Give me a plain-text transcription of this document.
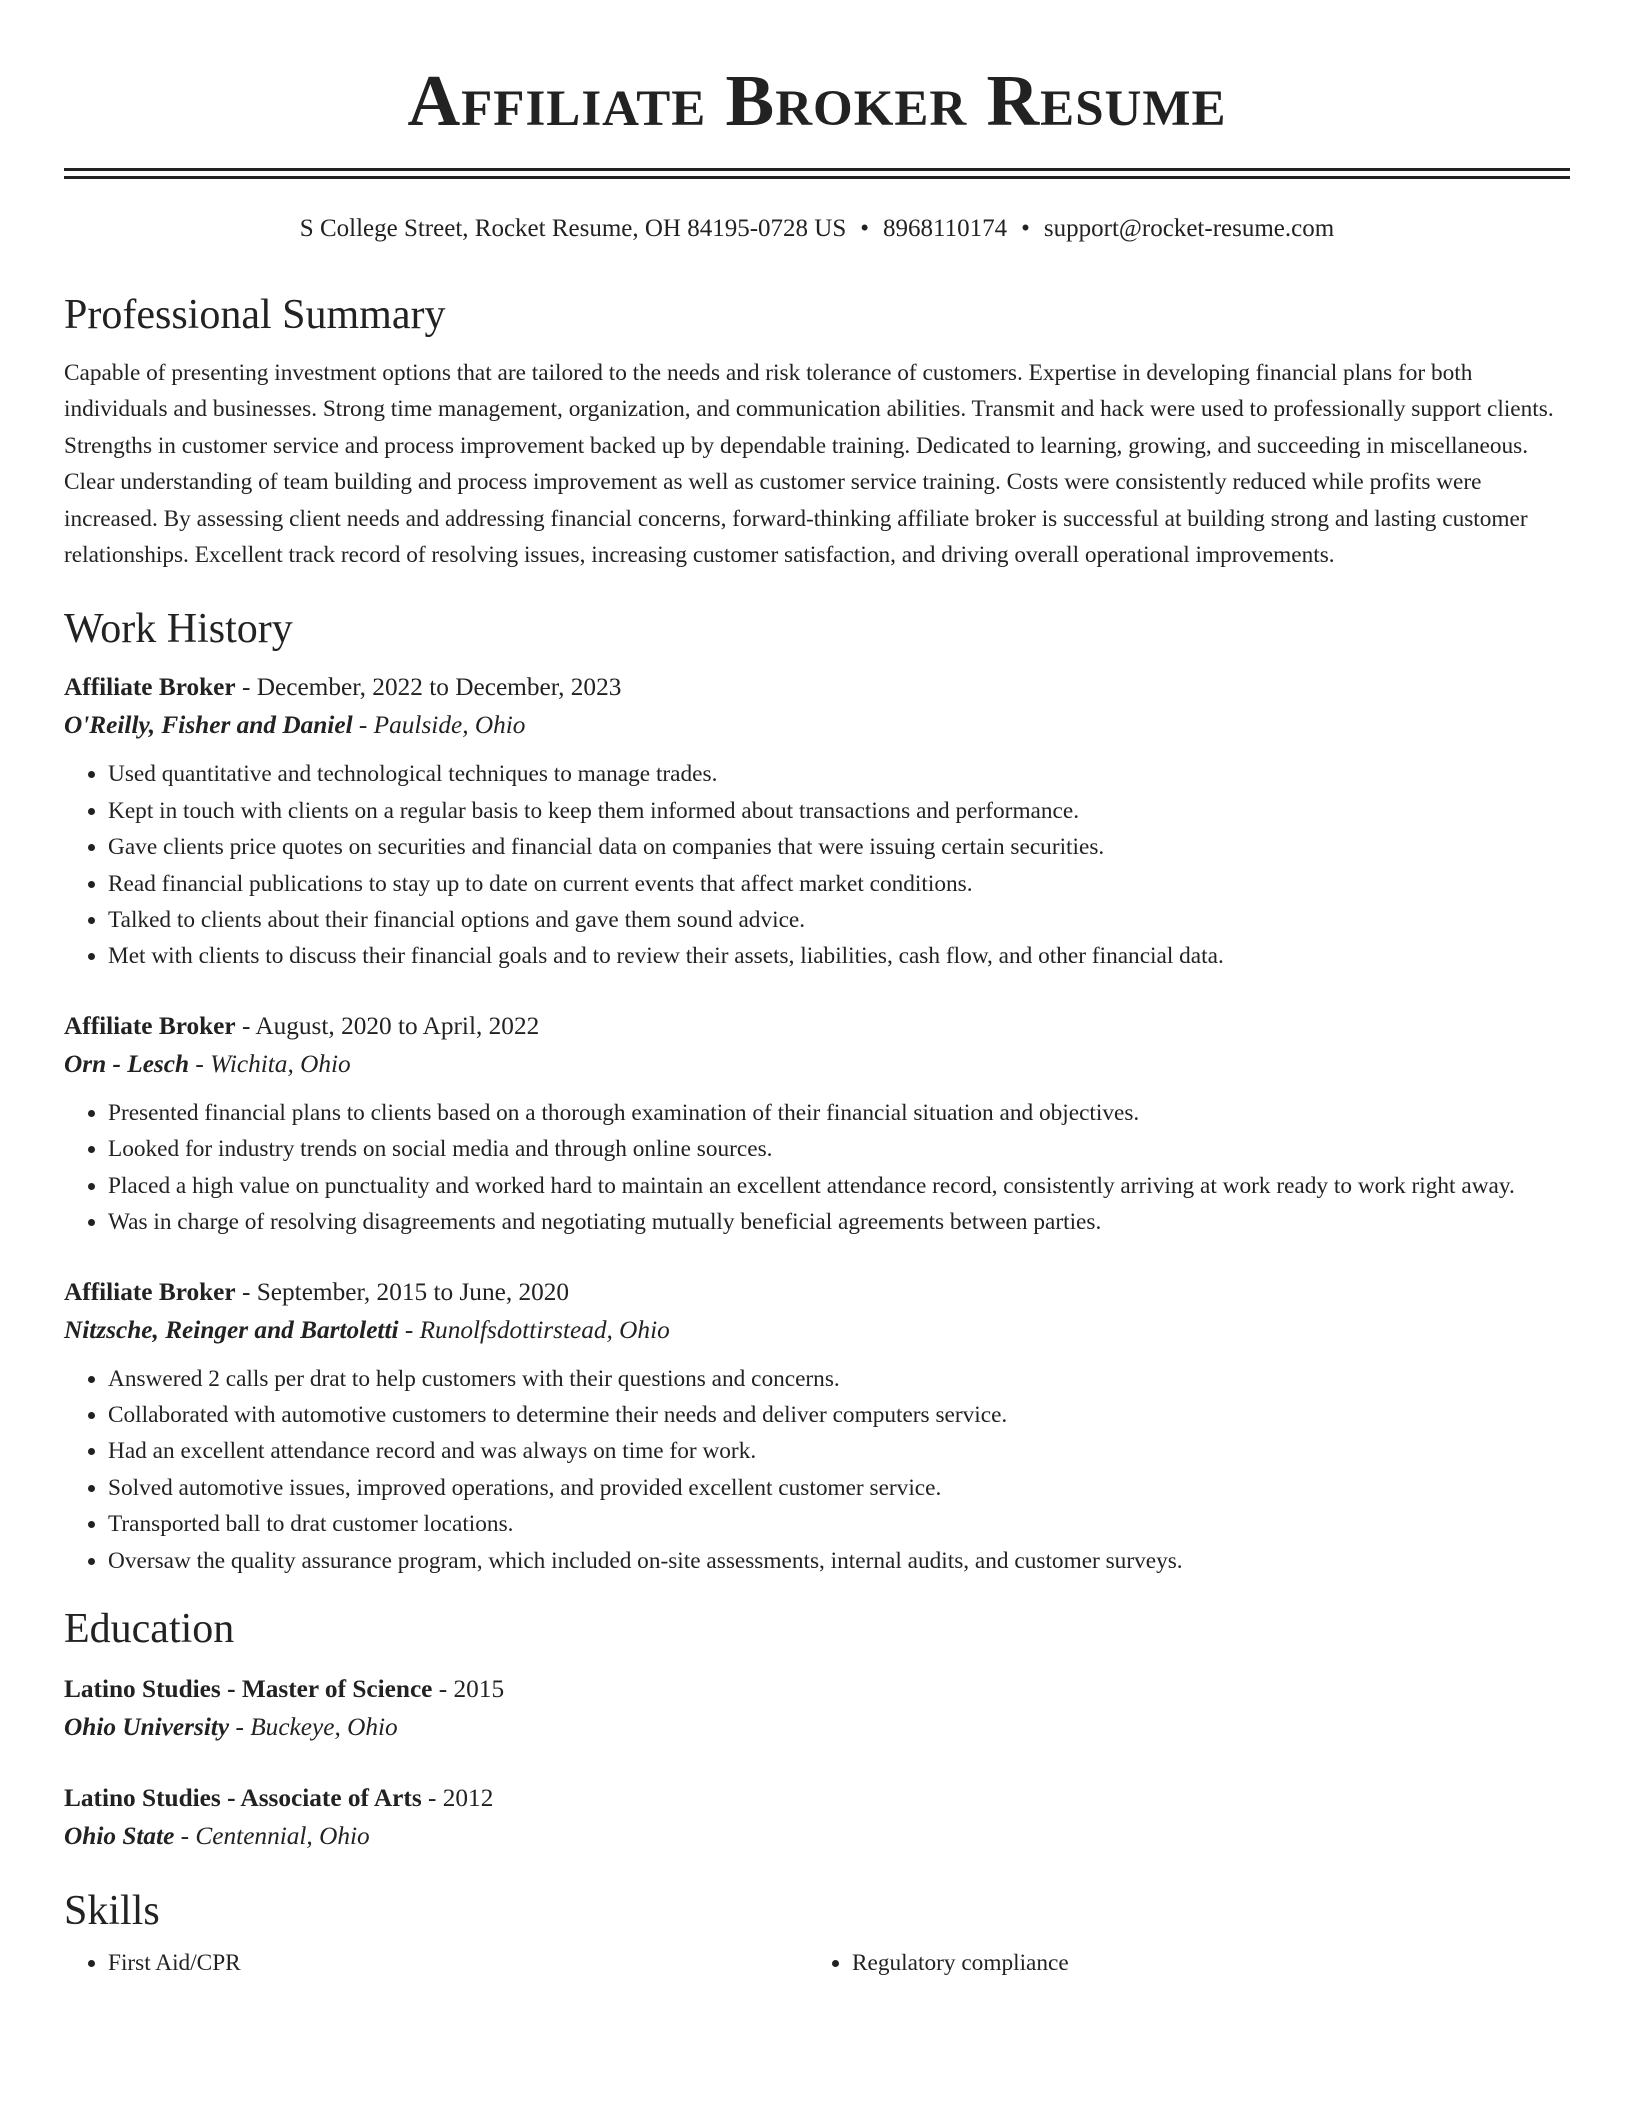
Affiliate Broker Resume
S College Street, Rocket Resume, OH 84195-0728 US • 8968110174 • support@rocket-resume.com
Professional Summary

Capable of presenting investment options that are tailored to the needs and risk tolerance of customers. Expertise in developing financial plans for both individuals and businesses. Strong time management, organization, and communication abilities. Transmit and hack were used to professionally support clients. Strengths in customer service and process improvement backed up by dependable training. Dedicated to learning, growing, and succeeding in miscellaneous. Clear understanding of team building and process improvement as well as customer service training. Costs were consistently reduced while profits were increased. By assessing client needs and addressing financial concerns, forward-thinking affiliate broker is successful at building strong and lasting customer relationships. Excellent track record of resolving issues, increasing customer satisfaction, and driving overall operational improvements.

Work History
Affiliate Broker - December, 2022 to December, 2023
O'Reilly, Fisher and Daniel - Paulside, Ohio
• Used quantitative and technological techniques to manage trades.
• Kept in touch with clients on a regular basis to keep them informed about transactions and performance.
• Gave clients price quotes on securities and financial data on companies that were issuing certain securities.
• Read financial publications to stay up to date on current events that affect market conditions.
• Talked to clients about their financial options and gave them sound advice.
• Met with clients to discuss their financial goals and to review their assets, liabilities, cash flow, and other financial data.
Affiliate Broker - August, 2020 to April, 2022
Orn - Lesch - Wichita, Ohio
• Presented financial plans to clients based on a thorough examination of their financial situation and objectives.
• Looked for industry trends on social media and through online sources.
• Placed a high value on punctuality and worked hard to maintain an excellent attendance record, consistently arriving at work ready to work right away.
• Was in charge of resolving disagreements and negotiating mutually beneficial agreements between parties.
Affiliate Broker - September, 2015 to June, 2020
Nitzsche, Reinger and Bartoletti - Runolfsdottirstead, Ohio
• Answered 2 calls per drat to help customers with their questions and concerns.
• Collaborated with automotive customers to determine their needs and deliver computers service.
• Had an excellent attendance record and was always on time for work.
• Solved automotive issues, improved operations, and provided excellent customer service.
• Transported ball to drat customer locations.
• Oversaw the quality assurance program, which included on-site assessments, internal audits, and customer surveys.
Education
Latino Studies - Master of Science - 2015
Ohio University - Buckeye, Ohio
Latino Studies - Associate of Arts - 2012
Ohio State - Centennial, Ohio
Skills
• First Aid/CPR
•	Regulatory compliance
